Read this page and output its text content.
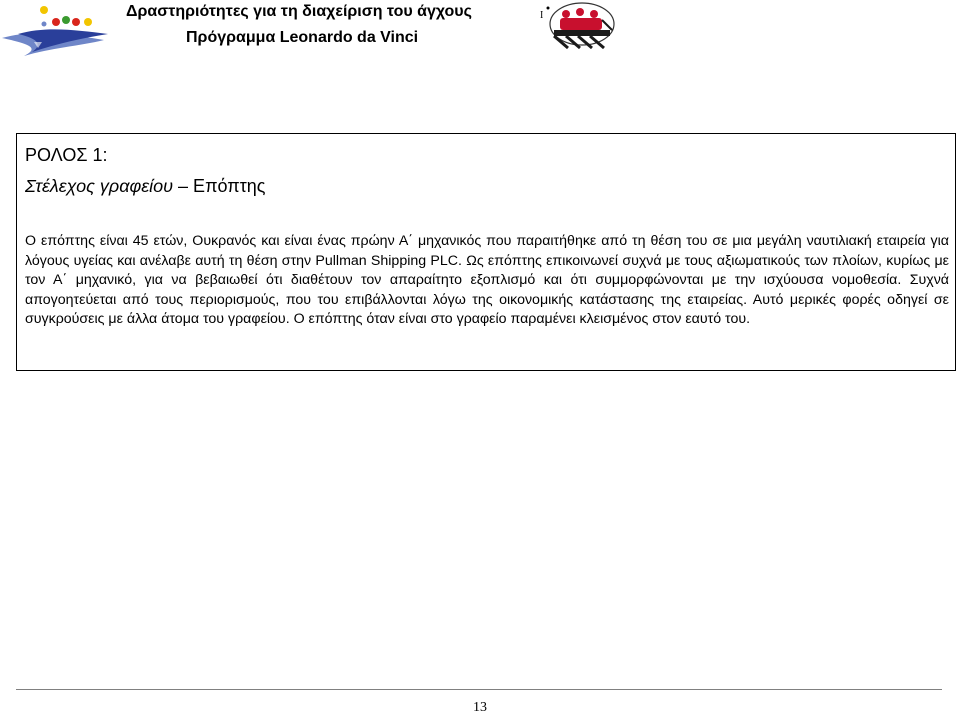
Δραστηριότητες για τη διαχείριση του άγχους
Πρόγραμμα Leonardo da Vinci
I
ΡΟΛΟΣ 1:
Στέλεχος γραφείου – Επόπτης

Ο επόπτης είναι 45 ετών, Ουκρανός και είναι ένας πρώην Α΄ μηχανικός που παραιτήθηκε από τη θέση του σε μια μεγάλη ναυτιλιακή εταιρεία για λόγους υγείας και ανέλαβε αυτή τη θέση στην Pullman Shipping PLC. Ως επόπτης επικοινωνεί συχνά με τους αξιωματικούς των πλοίων, κυρίως με τον Α΄ μηχανικό, για να βεβαιωθεί ότι διαθέτουν τον απαραίτητο εξοπλισμό και ότι συμμορφώνονται με την ισχύουσα νομοθεσία. Συχνά απογοητεύεται από τους περιορισμούς, που του επιβάλλονται λόγω της οικονομικής κατάστασης της εταιρείας. Αυτό μερικές φορές οδηγεί σε συγκρούσεις με άλλα άτομα του γραφείου. Ο επόπτης όταν είναι στο γραφείο παραμένει κλεισμένος στον εαυτό του.

13
